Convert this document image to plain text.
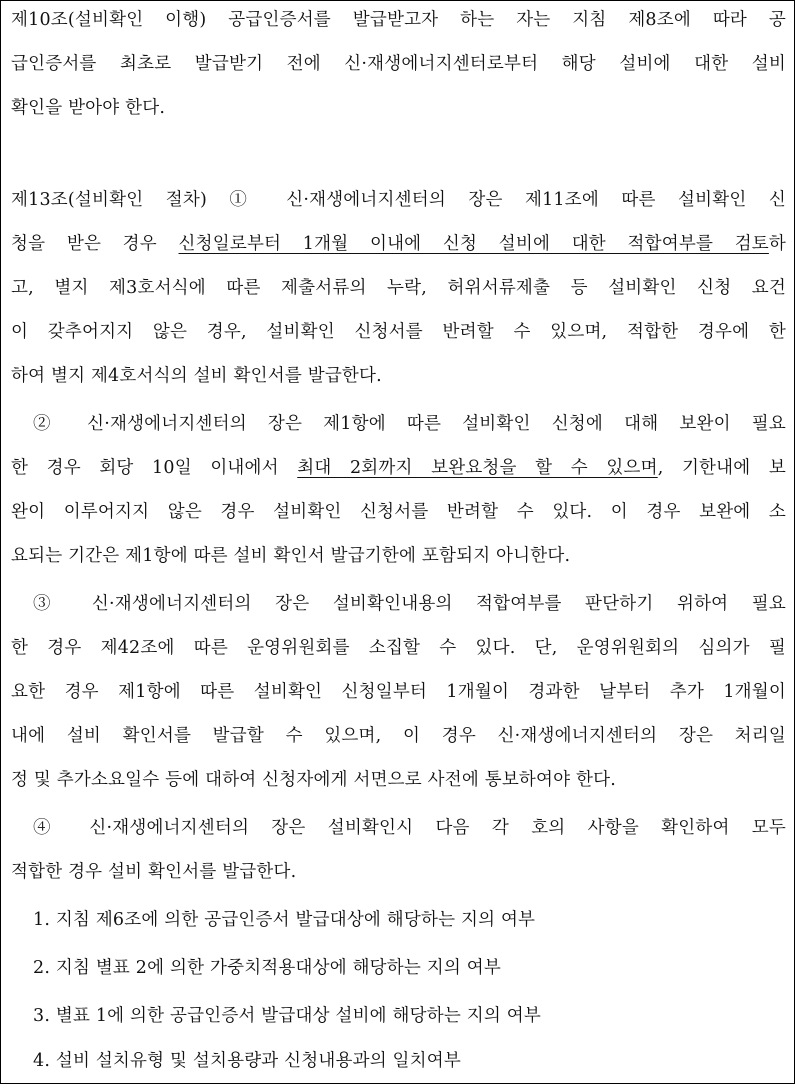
제10조(설비확인 이행) 공급인증서를 발급받고자 하는 자는 지침 제8조에 따라 공
급인증서를 최초로 발급받기 전에 신·재생에너지센터로부터 해당 설비에 대한 설비
확인을 받아야 한다.
제13조(설비확인 절차) ① 신·재생에너지센터의 장은 제11조에 따른 설비확인 신
청을 받은 경우 신청일로부터 1개월 이내에 신청 설비에 대한 적합여부를 검토하
고, 별지 제3호서식에 따른 제출서류의 누락, 허위서류제출 등 설비확인 신청 요건
이 갖추어지지 않은 경우, 설비확인 신청서를 반려할 수 있으며, 적합한 경우에 한
하여 별지 제4호서식의 설비 확인서를 발급한다.
② 신·재생에너지센터의 장은 제1항에 따른 설비확인 신청에 대해 보완이 필요
한 경우 회당 10일 이내에서 최대 2회까지 보완요청을 할 수 있으며, 기한내에 보
완이 이루어지지 않은 경우 설비확인 신청서를 반려할 수 있다. 이 경우 보완에 소
요되는 기간은 제1항에 따른 설비 확인서 발급기한에 포함되지 아니한다.
③ 신·재생에너지센터의 장은 설비확인내용의 적합여부를 판단하기 위하여 필요
한 경우 제42조에 따른 운영위원회를 소집할 수 있다. 단, 운영위원회의 심의가 필
요한 경우 제1항에 따른 설비확인 신청일부터 1개월이 경과한 날부터 추가 1개월이
내에 설비 확인서를 발급할 수 있으며, 이 경우 신·재생에너지센터의 장은 처리일
정 및 추가소요일수 등에 대하여 신청자에게 서면으로 사전에 통보하여야 한다.
④ 신·재생에너지센터의 장은 설비확인시 다음 각 호의 사항을 확인하여 모두
적합한 경우 설비 확인서를 발급한다.
1. 지침 제6조에 의한 공급인증서 발급대상에 해당하는 지의 여부
2. 지침 별표 2에 의한 가중치적용대상에 해당하는 지의 여부
3. 별표 1에 의한 공급인증서 발급대상 설비에 해당하는 지의 여부
4. 설비 설치유형 및 설치용량과 신청내용과의 일치여부
